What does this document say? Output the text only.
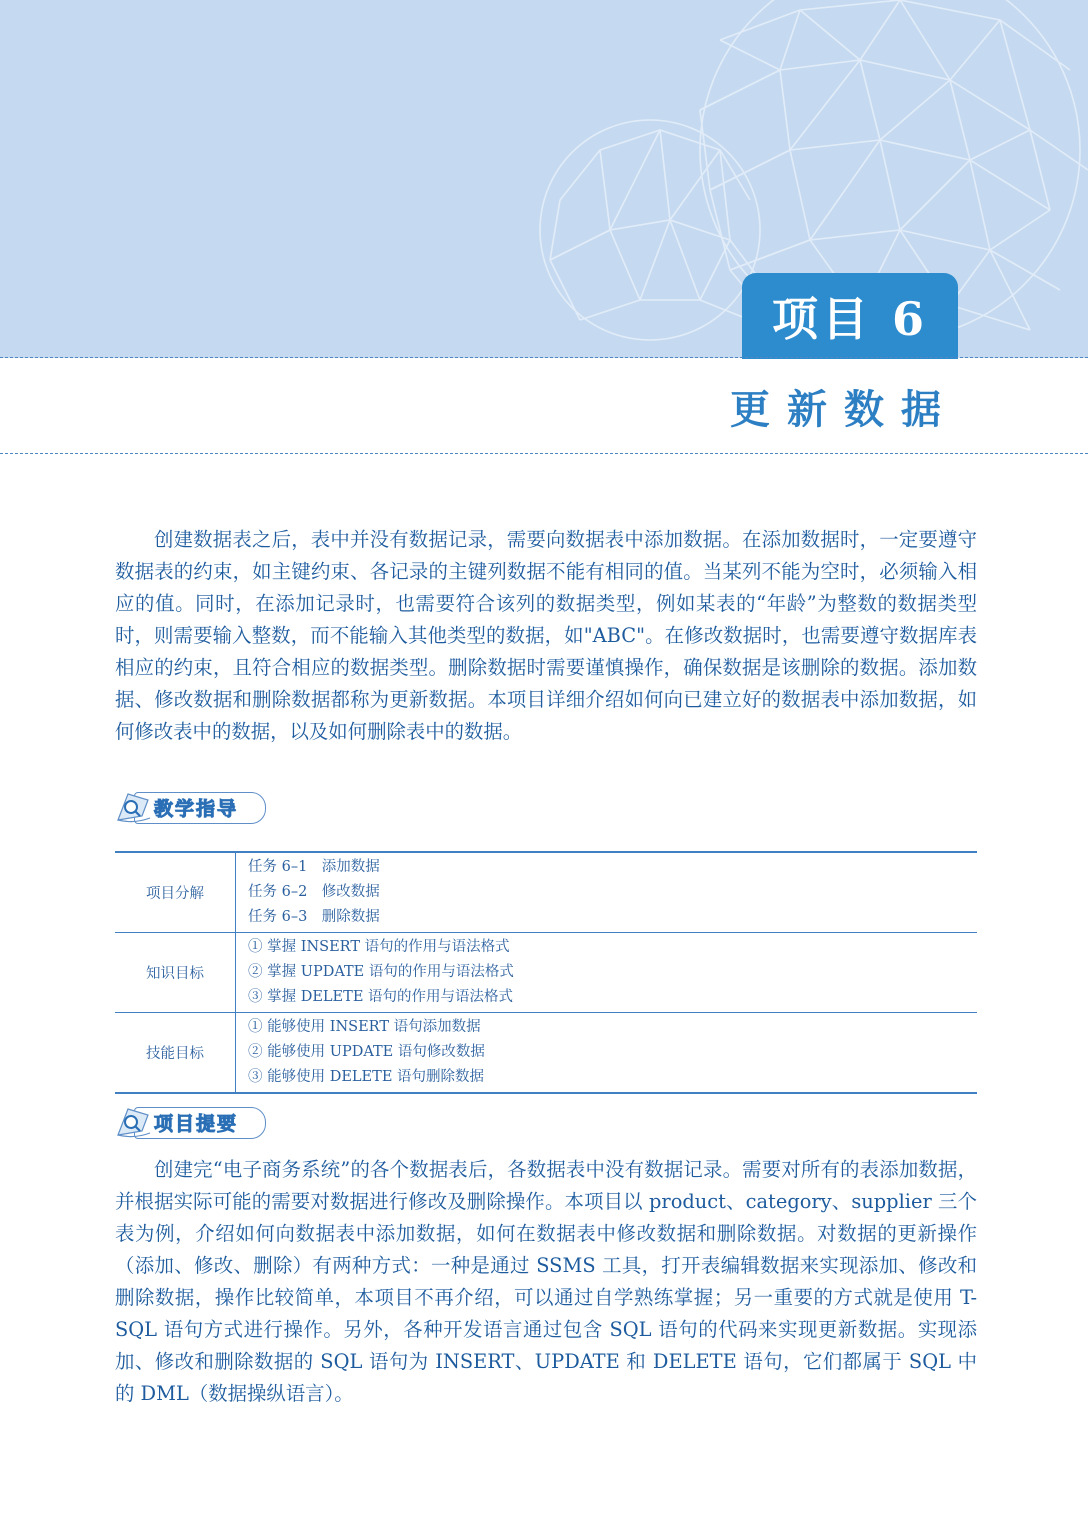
项目 6
更新数据

创建数据表之后，表中并没有数据记录，需要向数据表中添加数据。在添加数据时，一定要遵守数据表的约束，如主键约束、各记录的主键列数据不能有相同的值。当某列不能为空时，必须输入相应的值。同时，在添加记录时，也需要符合该列的数据类型，例如某表的“年龄”为整数的数据类型时，则需要输入整数，而不能输入其他类型的数据，如"ABC"。在修改数据时，也需要遵守数据库表相应的约束，且符合相应的数据类型。删除数据时需要谨慎操作，确保数据是该删除的数据。添加数据、修改数据和删除数据都称为更新数据。本项目详细介绍如何向已建立好的数据表中添加数据，如何修改表中的数据，以及如何删除表中的数据。

教学指导
项目分解	任务 6–1　添加数据
任务 6–2　修改数据
任务 6–3　删除数据

知识目标	① 掌握 INSERT 语句的作用与语法格式
② 掌握 UPDATE 语句的作用与语法格式
③ 掌握 DELETE 语句的作用与语法格式

技能目标	① 能够使用 INSERT 语句添加数据
② 能够使用 UPDATE 语句修改数据
③ 能够使用 DELETE 语句删除数据
项目提要

创建完“电子商务系统”的各个数据表后，各数据表中没有数据记录。需要对所有的表添加数据，并根据实际可能的需要对数据进行修改及删除操作。本项目以 product、category、supplier 三个表为例，介绍如何向数据表中添加数据，如何在数据表中修改数据和删除数据。对数据的更新操作（添加、修改、删除）有两种方式：一种是通过 SSMS 工具，打开表编辑数据来实现添加、修改和删除数据，操作比较简单，本项目不再介绍，可以通过自学熟练掌握；另一重要的方式就是使用 T-SQL 语句方式进行操作。另外，各种开发语言通过包含 SQL 语句的代码来实现更新数据。实现添加、修改和删除数据的 SQL 语句为 INSERT、UPDATE 和 DELETE 语句，它们都属于 SQL 中的 DML（数据操纵语言）。
